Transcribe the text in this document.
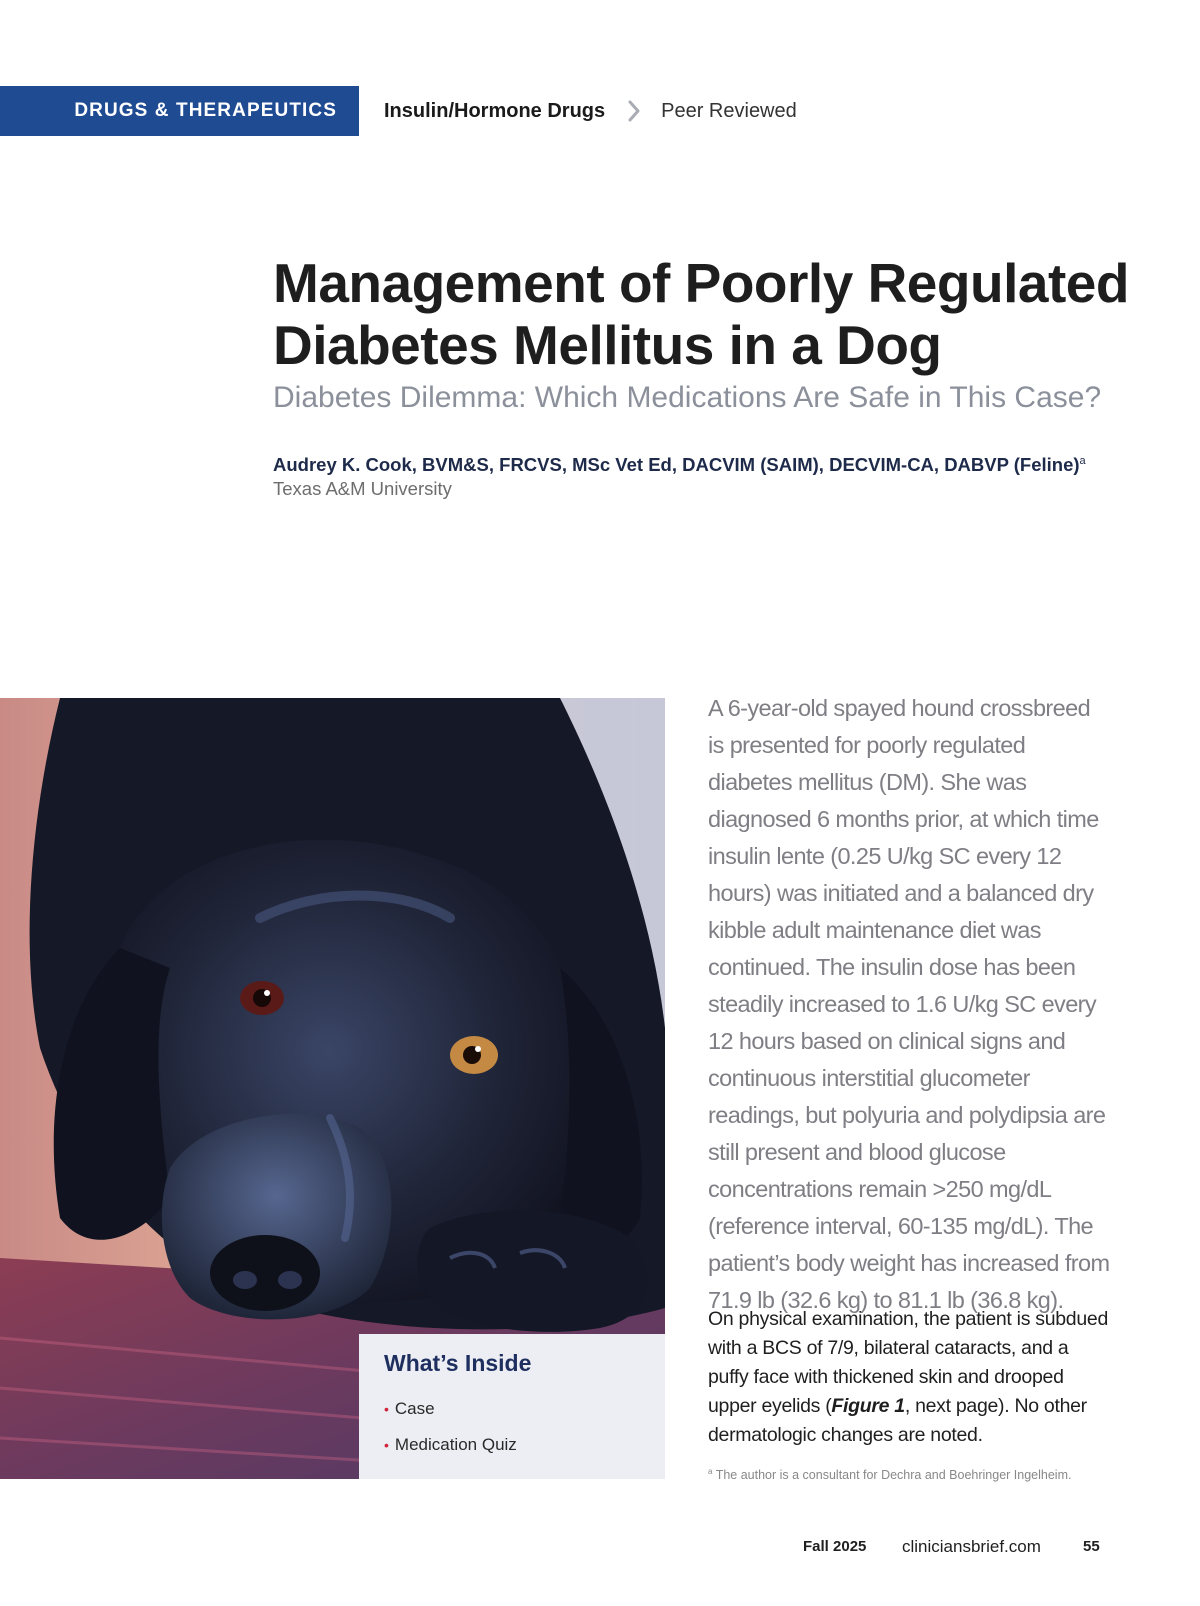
DRUGS & THERAPEUTICS Insulin/Hormone Drugs	Peer Reviewed
Management of Poorly Regulated Diabetes Mellitus in a Dog
Diabetes Dilemma: Which Medications Are Safe in This Case?
Audrey K. Cook, BVM&S, FRCVS, MSc Vet Ed, DACVIM (SAIM), DECVIM-CA, DABVP (Feline)$^a$
Texas A&M University
What’s Inside
• Case
• Medication Quiz

A 6-year-old spayed hound crossbreed is presented for poorly regulated diabetes mellitus (DM). She was diagnosed 6 months prior, at which time insulin lente (0.25 U/kg SC every 12 hours) was initiated and a balanced dry kibble adult maintenance diet was continued. The insulin dose has been steadily increased to 1.6 U/kg SC every 12 hours based on clinical signs and continuous interstitial glucometer readings, but polyuria and polydipsia are still present and blood glucose concentrations remain >250 mg/dL (reference interval, 60-135 mg/dL). The patient’s body weight has increased from 71.9 lb (32.6 kg) to 81.1 lb (36.8 kg).

On physical examination, the patient is subdued with a BCS of 7/9, bilateral cataracts, and a puffy face with thickened skin and drooped upper eyelids (Figure 1, next page). No other dermatologic changes are noted.

$^a$ The author is a consultant for Dechra and Boehringer Ingelheim.
Fall 2025 cliniciansbrief.com	55
